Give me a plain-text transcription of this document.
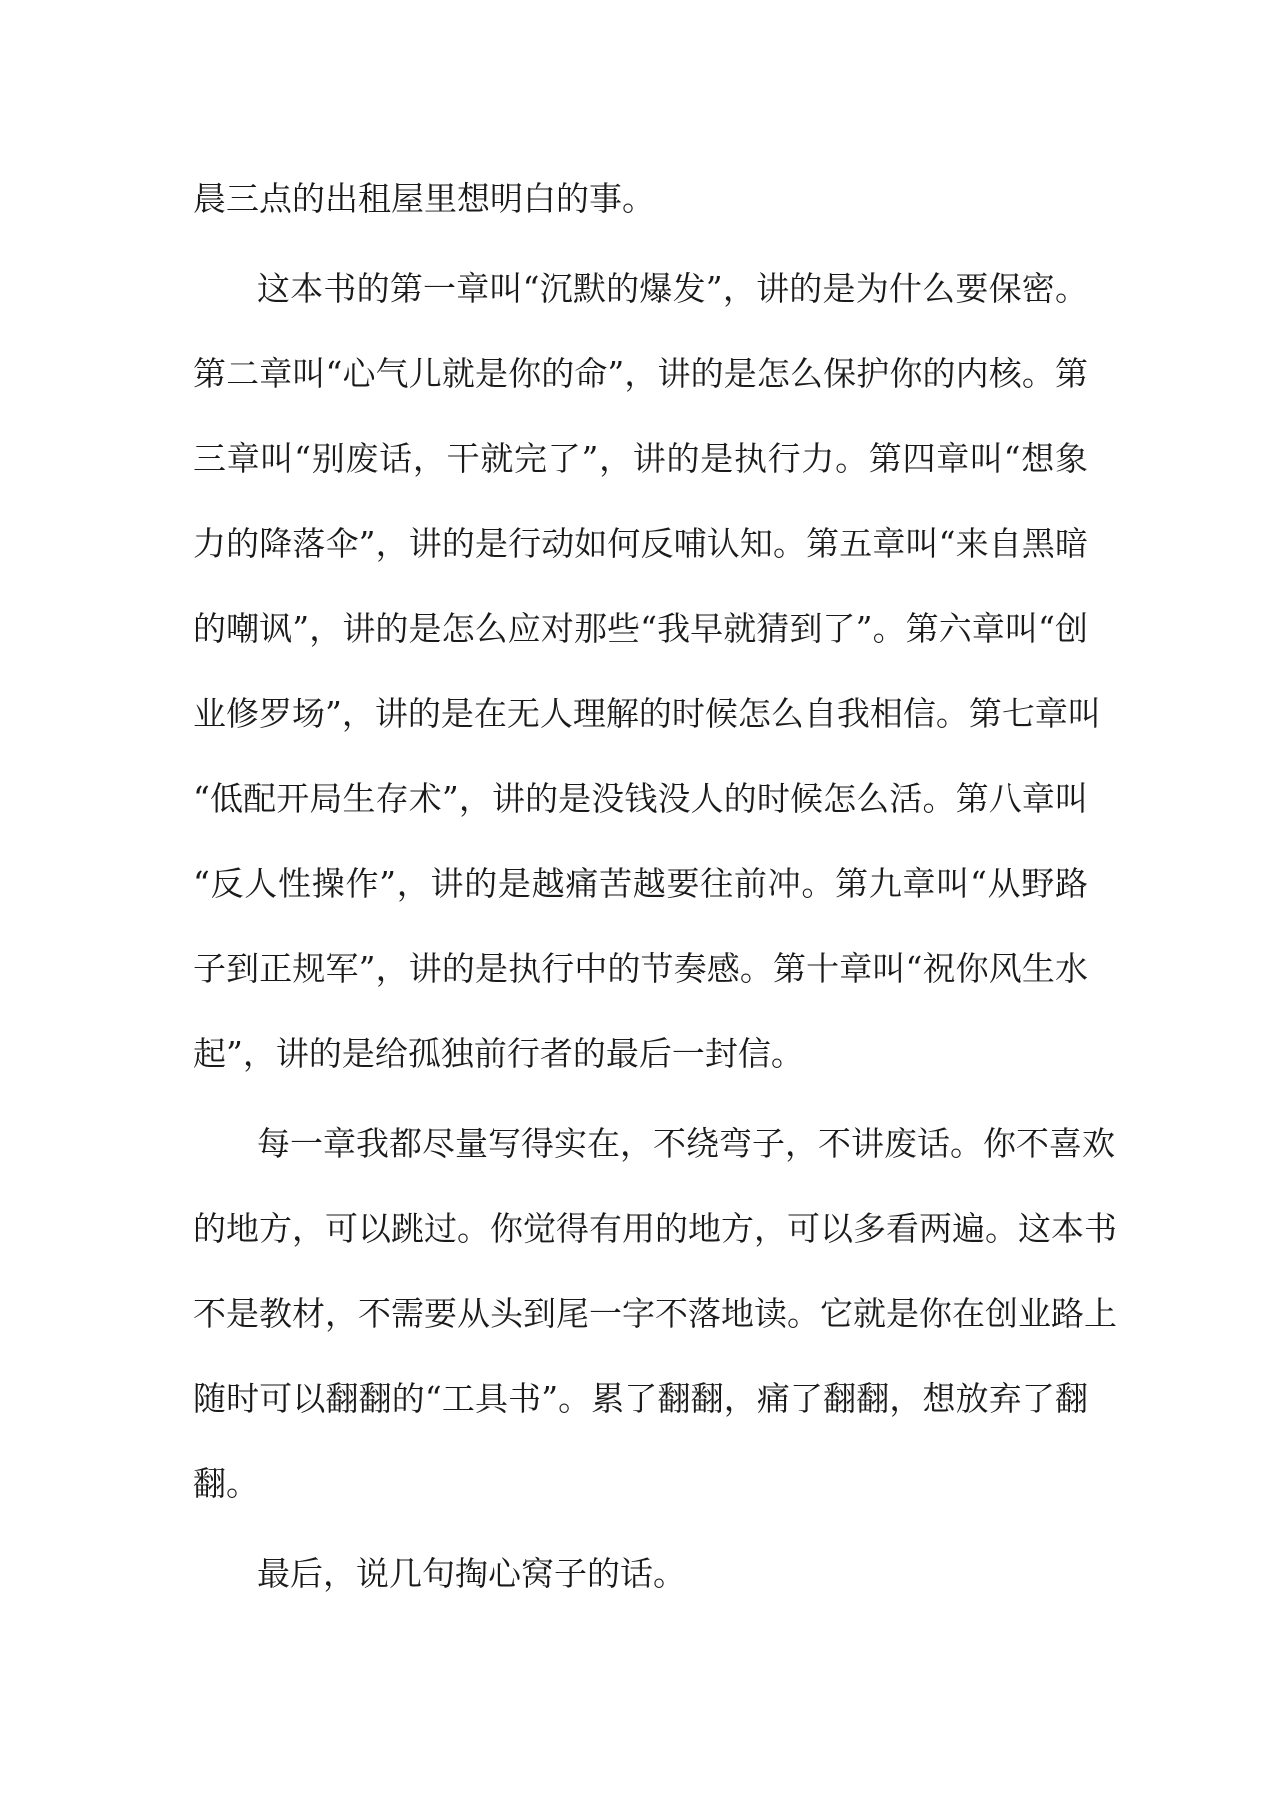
晨三点的出租屋里想明白的事。

这本书的第一章叫“沉默的爆发”，讲的是为什么要保密。

第二章叫“心气儿就是你的命”，讲的是怎么保护你的内核。第

三章叫“别废话，干就完了”，讲的是执行力。第四章叫“想象

力的降落伞”，讲的是行动如何反哺认知。第五章叫“来自黑暗

的嘲讽”，讲的是怎么应对那些“我早就猜到了”。第六章叫“创

业修罗场”，讲的是在无人理解的时候怎么自我相信。第七章叫

“低配开局生存术”，讲的是没钱没人的时候怎么活。第八章叫

“反人性操作”，讲的是越痛苦越要往前冲。第九章叫“从野路

子到正规军”，讲的是执行中的节奏感。第十章叫“祝你风生水

起”，讲的是给孤独前行者的最后一封信。

每一章我都尽量写得实在，不绕弯子，不讲废话。你不喜欢

的地方，可以跳过。你觉得有用的地方，可以多看两遍。这本书

不是教材，不需要从头到尾一字不落地读。它就是你在创业路上

随时可以翻翻的“工具书”。累了翻翻，痛了翻翻，想放弃了翻

翻。

最后，说几句掏心窝子的话。
